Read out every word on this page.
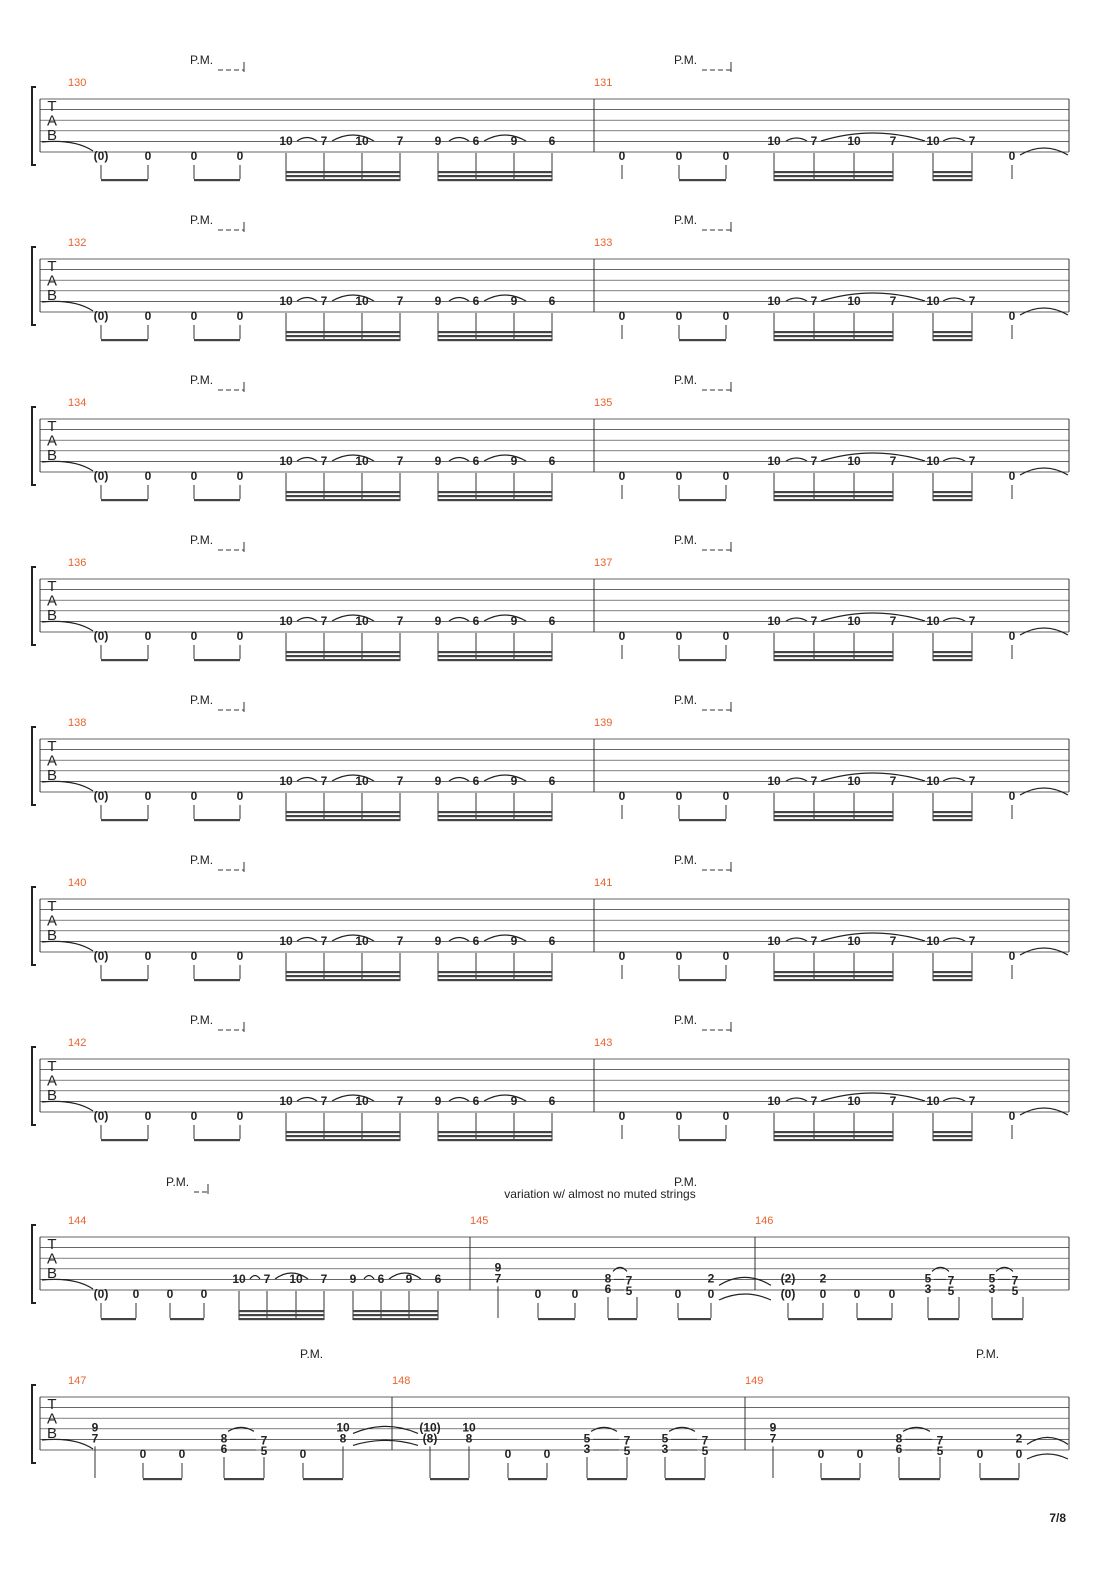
P.M.	P.M.
T
A
B
130	131
(0)	0	0	0
10 7 10 7	9	6	9	6
0	0	0
10 7 10 7 10 7
0
P.M.	P.M.
T
A
B
132	133
(0)	0	0	0
10 7 10 7	9	6	9	6
0	0	0
10 7 10 7 10 7
0
P.M.	P.M.
T
A
B
134	135
(0)	0	0	0
10 7 10 7	9	6	9	6
0	0	0
10 7 10 7 10 7
0
P.M.	P.M.
T
A
B
136	137
(0)	0	0	0
10 7 10 7	9	6	9	6
0	0	0
10 7 10 7 10 7
0
P.M.	P.M.
T
A
B
138	139
(0)	0	0	0
10 7 10 7	9	6	9	6
0	0	0
10 7 10 7 10 7
0
P.M.	P.M.
T
A
B
140	141
(0)	0	0	0
10 7 10 7	9	6	9	6
0	0	0
10 7 10 7 10 7
0
P.M.	P.M.
T
A
B
142	143
(0)	0	0	0
10 7 10 7	9	6	9	6
0	0	0
10 7 10 7 10 7
0
P.M.	P.M.
variation w/ almost no muted strings
T
A
B
144	145	146
(0) 0 0 0
10 7 10 7 9 6 9 6
9
7
0	0
8 7
6 5	0
2
0
(2)
(0)
2
0 0 0
5 7
3 5
5 7
3 5
P.M.	P.M.
T
A
B
147	148	149
9
7
0	0
8	7
6	5	0
10
8
(10)
(8)
10
8
0	0
5	7
3	5
5	7
3	5
9
7
0	0
8	7
6	5	0
2
0
7/8
